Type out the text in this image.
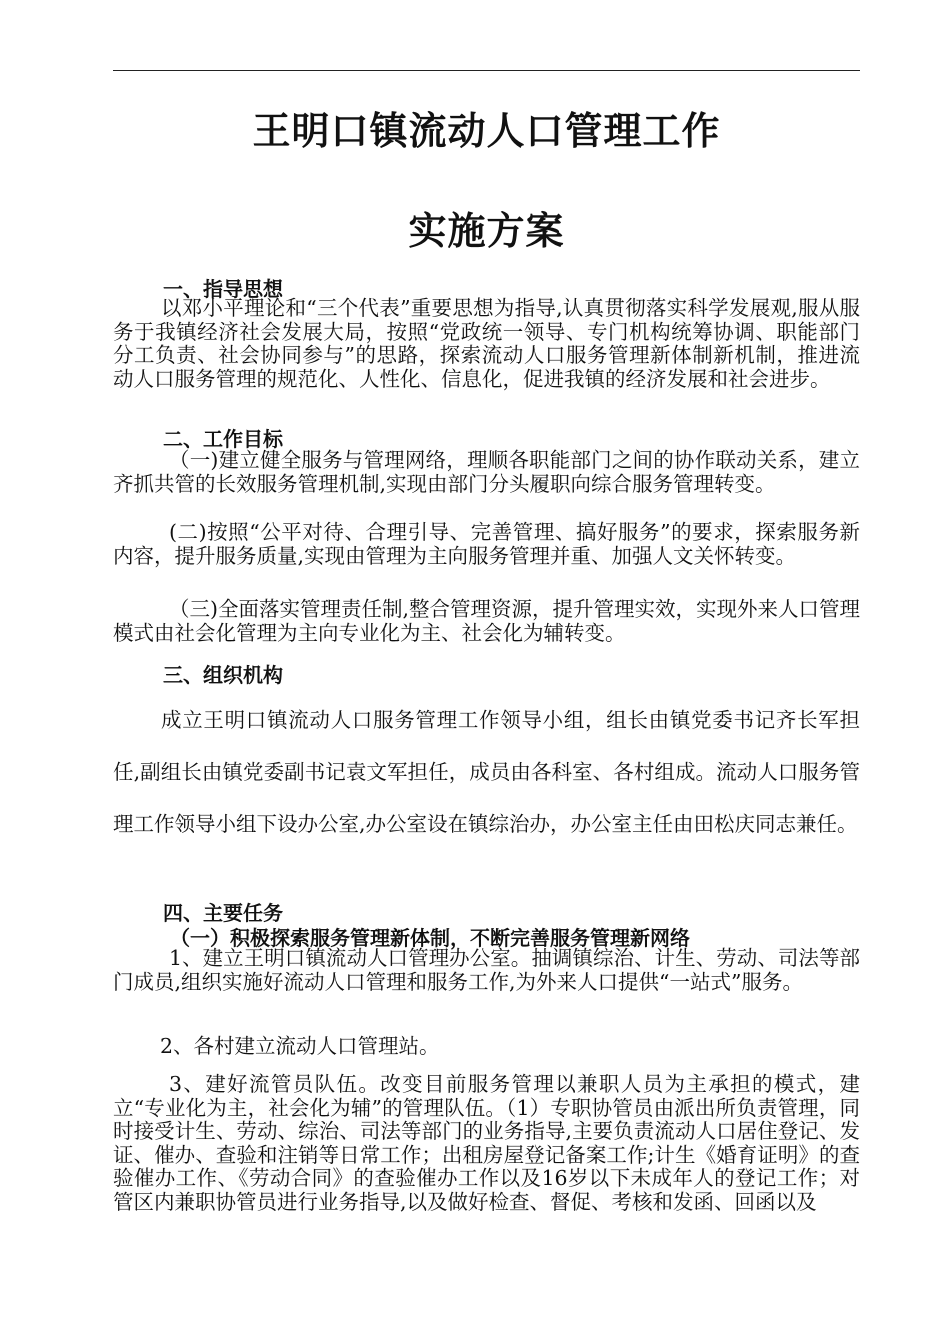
王明口镇流动人口管理工作
实施方案
一、指导思想

以邓小平理论和“三个代表”重要思想为指导,认真贯彻落实科学发展观,服从服务于我镇经济社会发展大局，按照“党政统一领导、专门机构统筹协调、职能部门分工负责、社会协同参与”的思路，探索流动人口服务管理新体制新机制，推进流动人口服务管理的规范化、人性化、信息化，促进我镇的经济发展和社会进步。

二、工作目标

（一)建立健全服务与管理网络，理顺各职能部门之间的协作联动关系，建立齐抓共管的长效服务管理机制,实现由部门分头履职向综合服务管理转变。

(二)按照“公平对待、合理引导、完善管理、搞好服务”的要求，探索服务新内容，提升服务质量,实现由管理为主向服务管理并重、加强人文关怀转变。

（三)全面落实管理责任制,整合管理资源，提升管理实效，实现外来人口管理模式由社会化管理为主向专业化为主、社会化为辅转变。

三、组织机构

成立王明口镇流动人口服务管理工作领导小组，组长由镇党委书记齐长军担任,副组长由镇党委副书记袁文军担任，成员由各科室、各村组成。流动人口服务管理工作领导小组下设办公室,办公室设在镇综治办，办公室主任由田松庆同志兼任。

四、主要任务
（一）积极探索服务管理新体制，不断完善服务管理新网络

1、建立王明口镇流动人口管理办公室。抽调镇综治、计生、劳动、司法等部门成员,组织实施好流动人口管理和服务工作,为外来人口提供“一站式”服务。

2、各村建立流动人口管理站。

3、建好流管员队伍。改变目前服务管理以兼职人员为主承担的模式，建立“专业化为主，社会化为辅”的管理队伍。（1）专职协管员由派出所负责管理，同时接受计生、劳动、综治、司法等部门的业务指导,主要负责流动人口居住登记、发证、催办、查验和注销等日常工作；出租房屋登记备案工作;计生《婚育证明》的查验催办工作、《劳动合同》的查验催办工作以及16岁以下未成年人的登记工作；对管区内兼职协管员进行业务指导,以及做好检查、督促、考核和发函、回函以及
